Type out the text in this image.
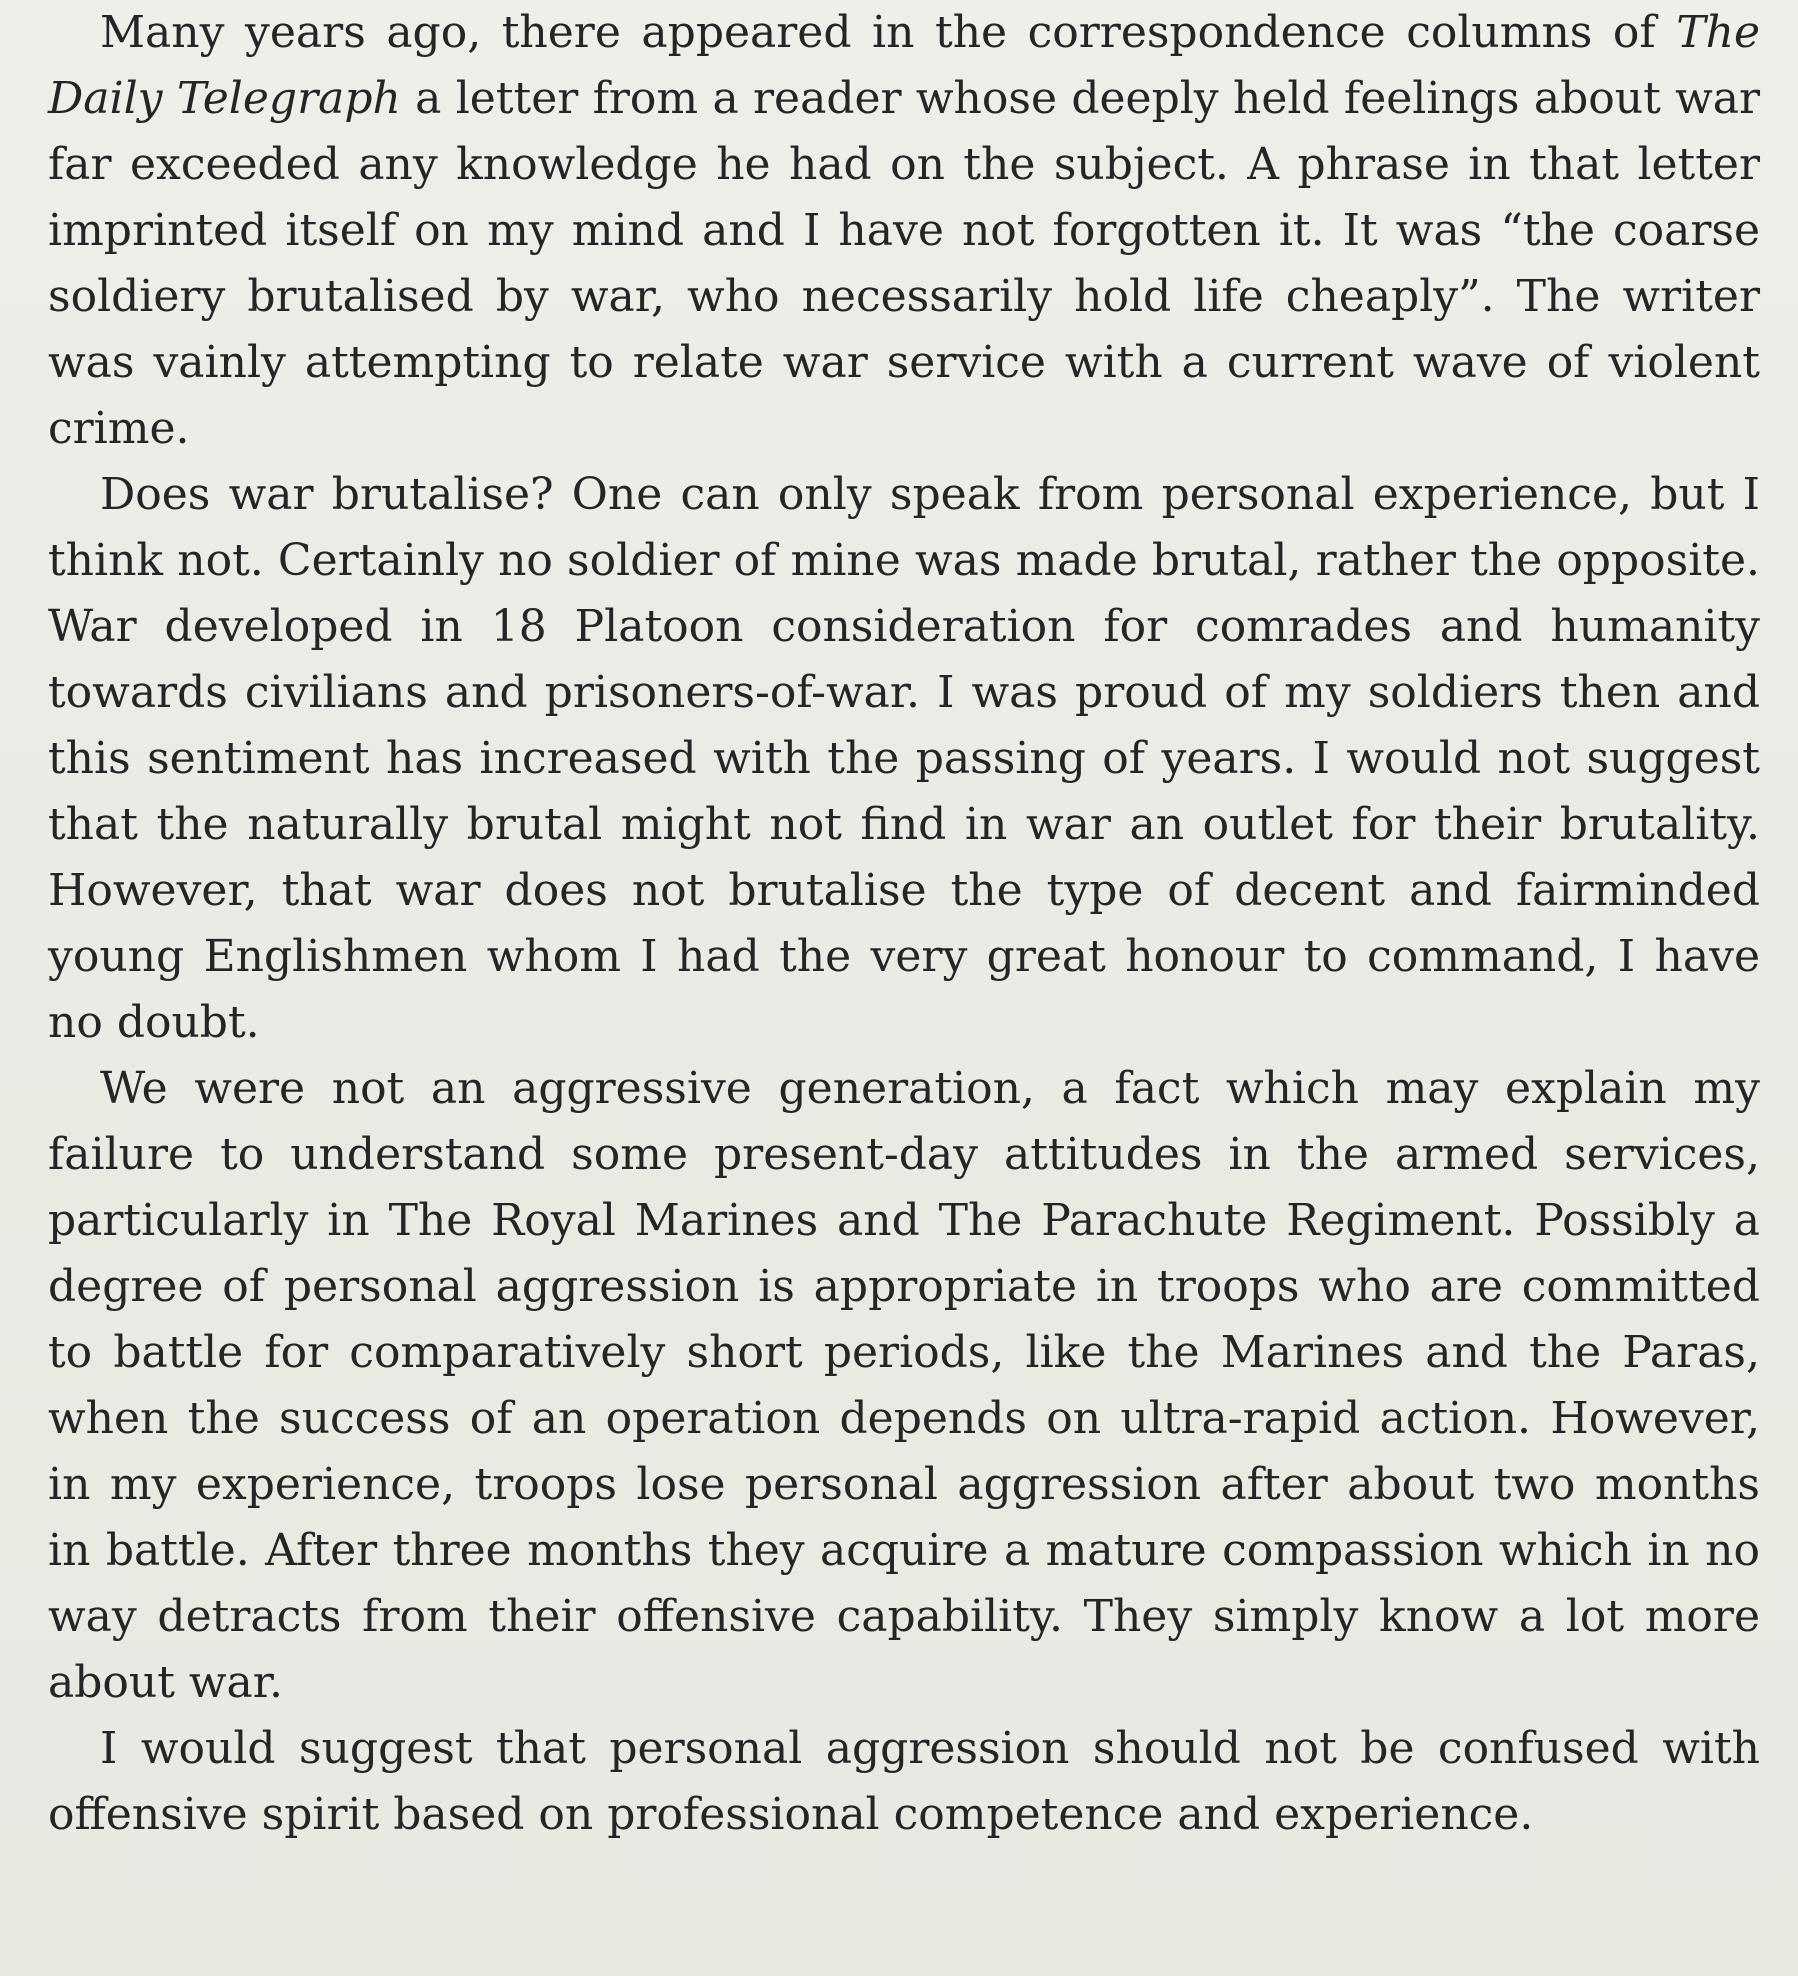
Many years ago, there appeared in the correspondence columns of The Daily Telegraph a letter from a reader whose deeply held feelings about war far exceeded any knowledge he had on the subject. A phrase in that letter imprinted itself on my mind and I have not forgotten it. It was “the coarse soldiery brutalised by war, who necessarily hold life cheaply”. The writer was vainly attempting to relate war service with a current wave of violent crime.

Does war brutalise? One can only speak from personal experience, but I think not. Certainly no soldier of mine was made brutal, rather the opposite. War developed in 18 Platoon consideration for comrades and humanity towards civilians and prisoners-of-war. I was proud of my soldiers then and this sentiment has increased with the passing of years. I would not suggest that the naturally brutal might not find in war an outlet for their brutality. However, that war does not brutalise the type of decent and fairminded young Englishmen whom I had the very great honour to command, I have no doubt.

We were not an aggressive generation, a fact which may explain my failure to understand some present-day attitudes in the armed services, particularly in The Royal Marines and The Parachute Regiment. Possibly a degree of personal aggression is appropriate in troops who are committed to battle for comparatively short periods, like the Marines and the Paras, when the success of an operation depends on ultra-rapid action. However, in my experience, troops lose personal aggression after about two months in battle. After three months they acquire a mature compassion which in no way detracts from their offensive capability. They simply know a lot more about war.

I would suggest that personal aggression should not be confused with offensive spirit based on professional competence and experience.
